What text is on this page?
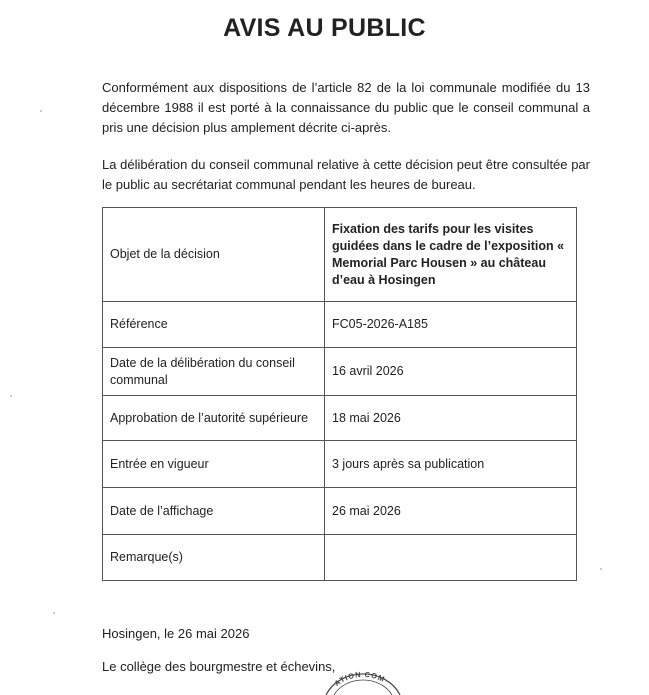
AVIS AU PUBLIC
Conformément aux dispositions de l’article 82 de la loi communale modifiée du 13 décembre 1988 il est porté à la connaissance du public que le conseil communal a pris une décision plus amplement décrite ci-après.
La délibération du conseil communal relative à cette décision peut être consultée par le public au secrétariat communal pendant les heures de bureau.
Objet de la décision	Fixation des tarifs pour les visites guidées dans le cadre de l’exposition « Memorial Parc Housen » au château d’eau à Hosingen
Référence	FC05-2026-A185
Date de la délibération du conseil communal	16 avril 2026
Approbation de l’autorité supérieure	18 mai 2026
Entrée en vigueur	3 jours après sa publication
Date de l’affichage	26 mai 2026
Remarque(s)	
Hosingen, le 26 mai 2026
Le collège des bourgmestre et échevins,
ATION COM
